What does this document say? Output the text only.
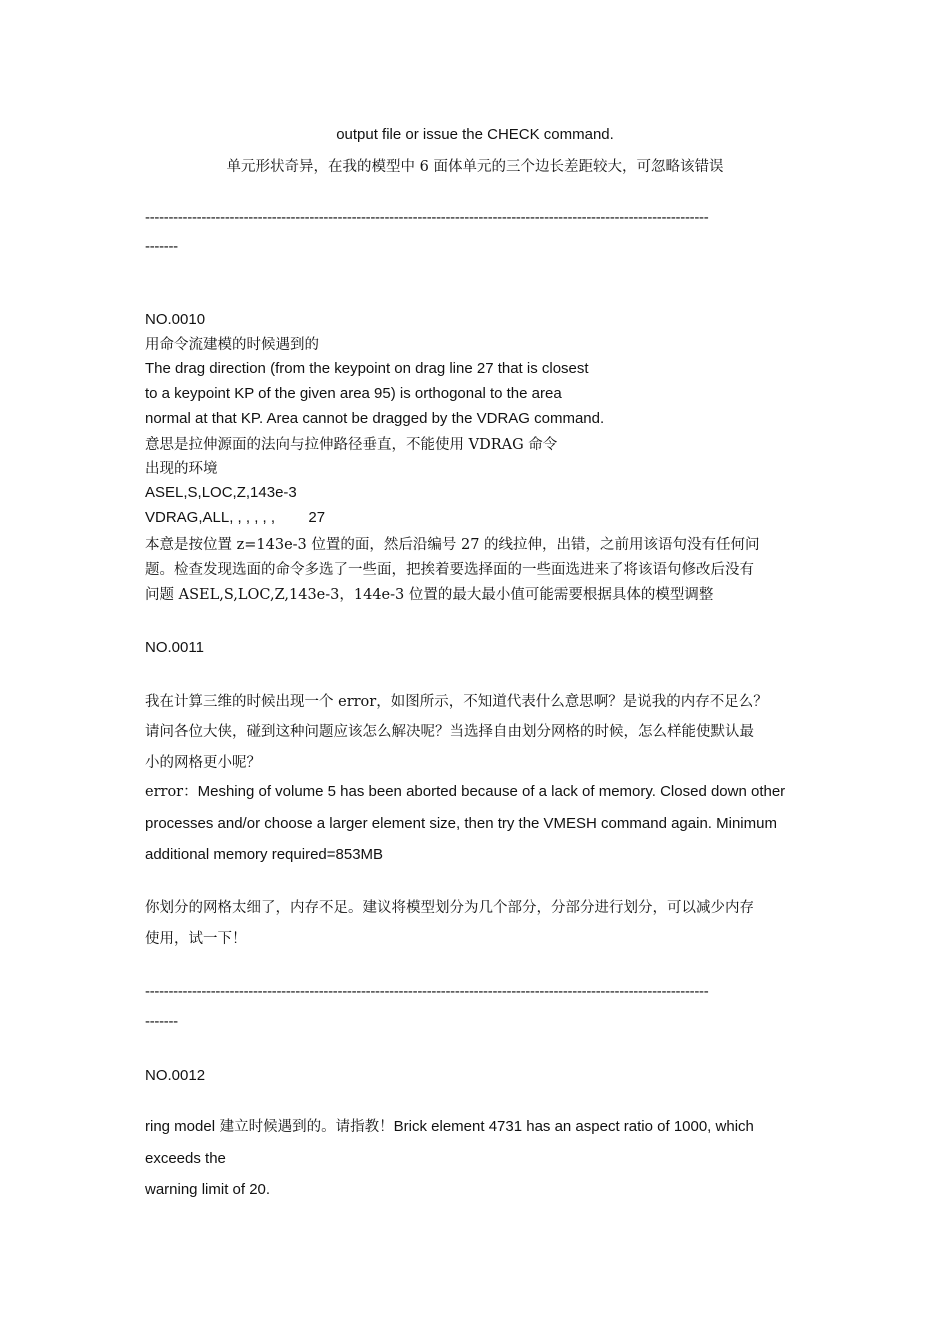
output file or issue the CHECK command.
单元形状奇异，在我的模型中 6 面体单元的三个边长差距较大，可忽略该错误
------------------------------------------------------------------------------------------------------------------------
-------
NO.0010
用命令流建模的时候遇到的
The drag direction (from the keypoint on drag line 27 that is closest
to a keypoint KP of the given area 95) is orthogonal to the area
normal at that KP. Area cannot be dragged by the VDRAG command.
意思是拉伸源面的法向与拉伸路径垂直，不能使用 VDRAG 命令
出现的环境
ASEL,S,LOC,Z,143e-3
VDRAG,ALL, , , , , ,        27
本意是按位置 z=143e-3 位置的面，然后沿编号 27 的线拉伸，出错，之前用该语句没有任何问
题。检查发现选面的命令多选了一些面，把挨着要选择面的一些面选进来了将该语句修改后没有
问题 ASEL,S,LOC,Z,143e-3，144e-3 位置的最大最小值可能需要根据具体的模型调整
NO.0011
我在计算三维的时候出现一个 error，如图所示，不知道代表什么意思啊？是说我的内存不足么？
请问各位大侠，碰到这种问题应该怎么解决呢？当选择自由划分网格的时候，怎么样能使默认最
小的网格更小呢？
error：Meshing of volume 5 has been aborted because of a lack of memory. Closed down other
processes and/or choose a larger element size, then try the VMESH command again. Minimum
additional memory required=853MB
你划分的网格太细了，内存不足。建议将模型划分为几个部分，分部分进行划分，可以减少内存
使用，试一下！
------------------------------------------------------------------------------------------------------------------------
-------
NO.0012
ring model 建立时候遇到的。请指教！Brick element 4731 has an aspect ratio of 1000, which
exceeds the
warning limit of 20.
